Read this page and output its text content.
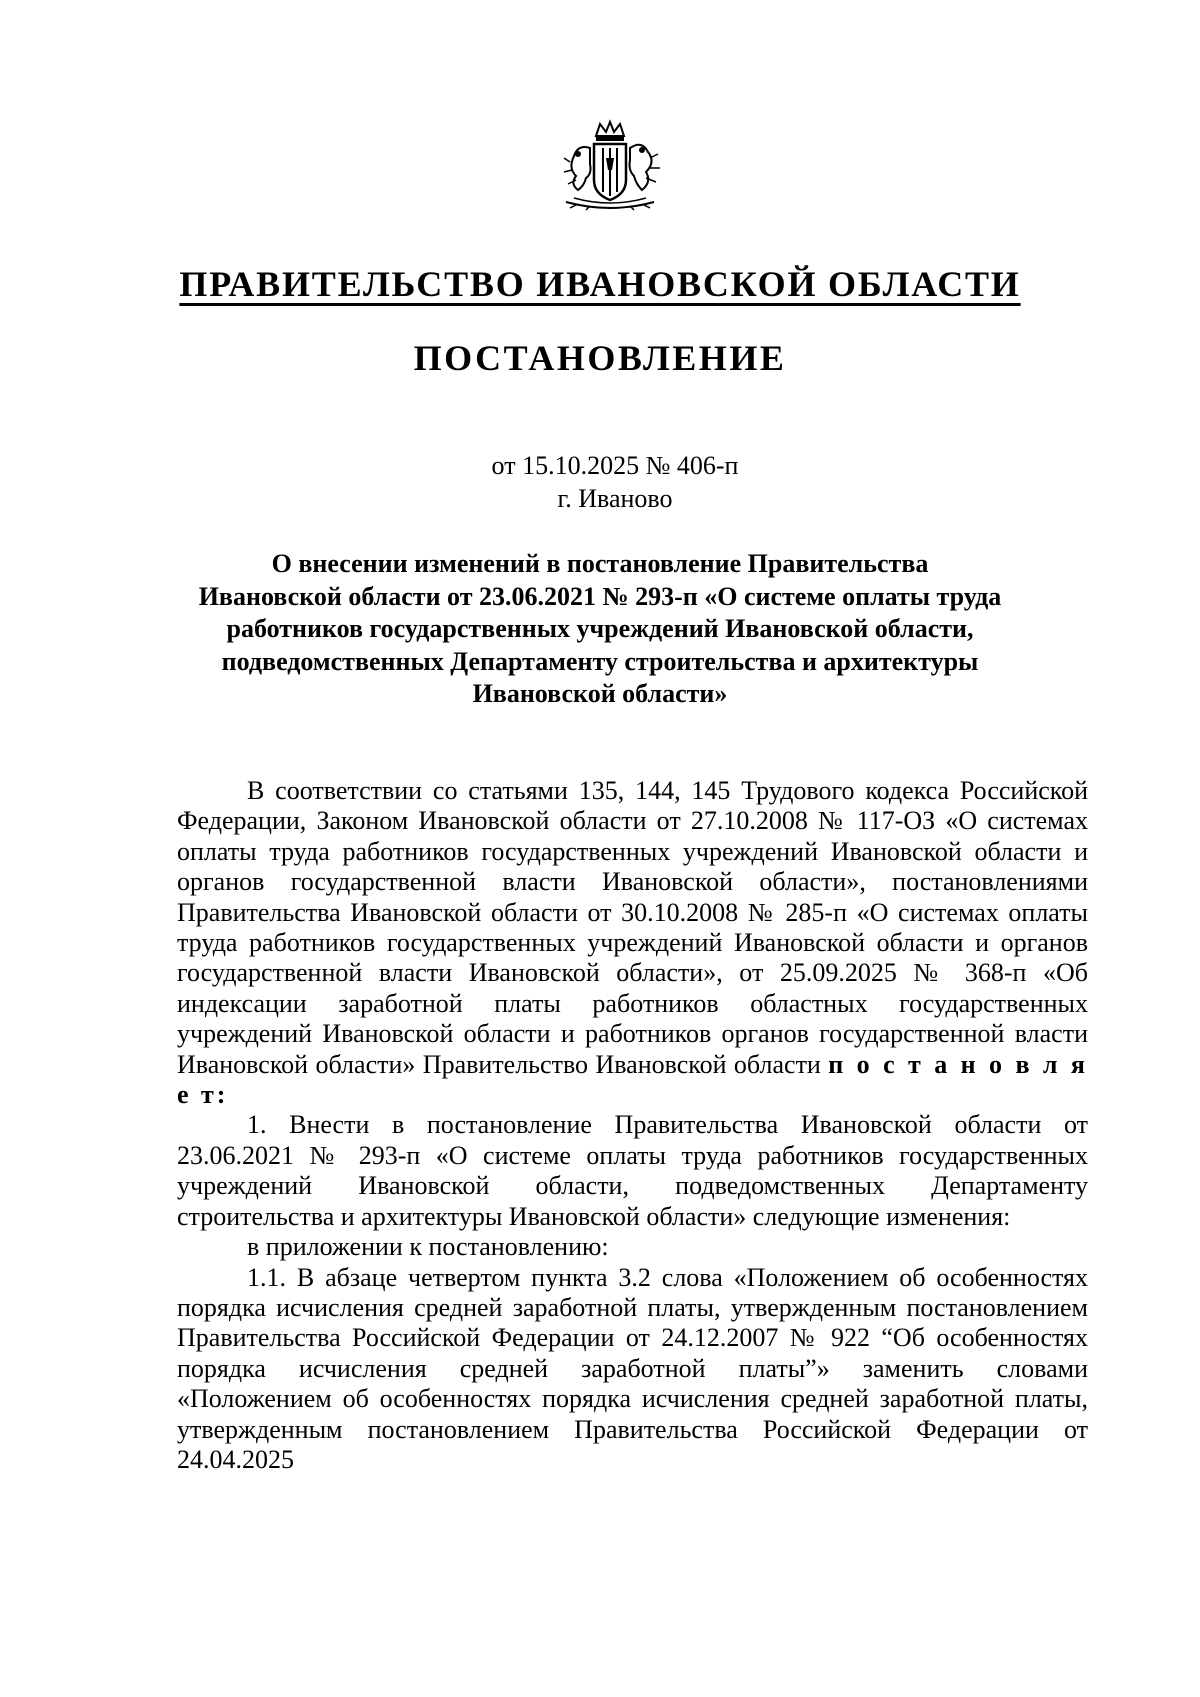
ПРАВИТЕЛЬСТВО ИВАНОВСКОЙ ОБЛАСТИ
ПОСТАНОВЛЕНИЕ
от 15.10.2025 № 406-п
г. Иваново
О внесении изменений в постановление Правительства
Ивановской области от 23.06.2021 № 293-п «О системе оплаты труда
работников государственных учреждений Ивановской области,
подведомственных Департаменту строительства и архитектуры
Ивановской области»

В соответствии со статьями 135, 144, 145 Трудового кодекса Российской Федерации, Законом Ивановской области от 27.10.2008 № 117-ОЗ «О системах оплаты труда работников государственных учреждений Ивановской области и органов государственной власти Ивановской области», постановлениями Правительства Ивановской области от 30.10.2008 № 285-п «О системах оплаты труда работников государственных учреждений Ивановской области и органов государственной власти Ивановской области», от 25.09.2025 № 368-п «Об индексации заработной платы работников областных государственных учреждений Ивановской области и работников органов государственной власти Ивановской области» Правительство Ивановской области п о с т а н о в л я е т:

1. Внести в постановление Правительства Ивановской области от 23.06.2021 № 293-п «О системе оплаты труда работников государственных учреждений Ивановской области, подведомственных Департаменту строительства и архитектуры Ивановской области» следующие изменения:

в приложении к постановлению:

1.1. В абзаце четвертом пункта 3.2 слова «Положением об особенностях порядка исчисления средней заработной платы, утвержденным постановлением Правительства Российской Федерации от 24.12.2007 № 922 “Об особенностях порядка исчисления средней заработной платы”» заменить словами «Положением об особенностях порядка исчисления средней заработной платы, утвержденным постановлением Правительства Российской Федерации от 24.04.2025
